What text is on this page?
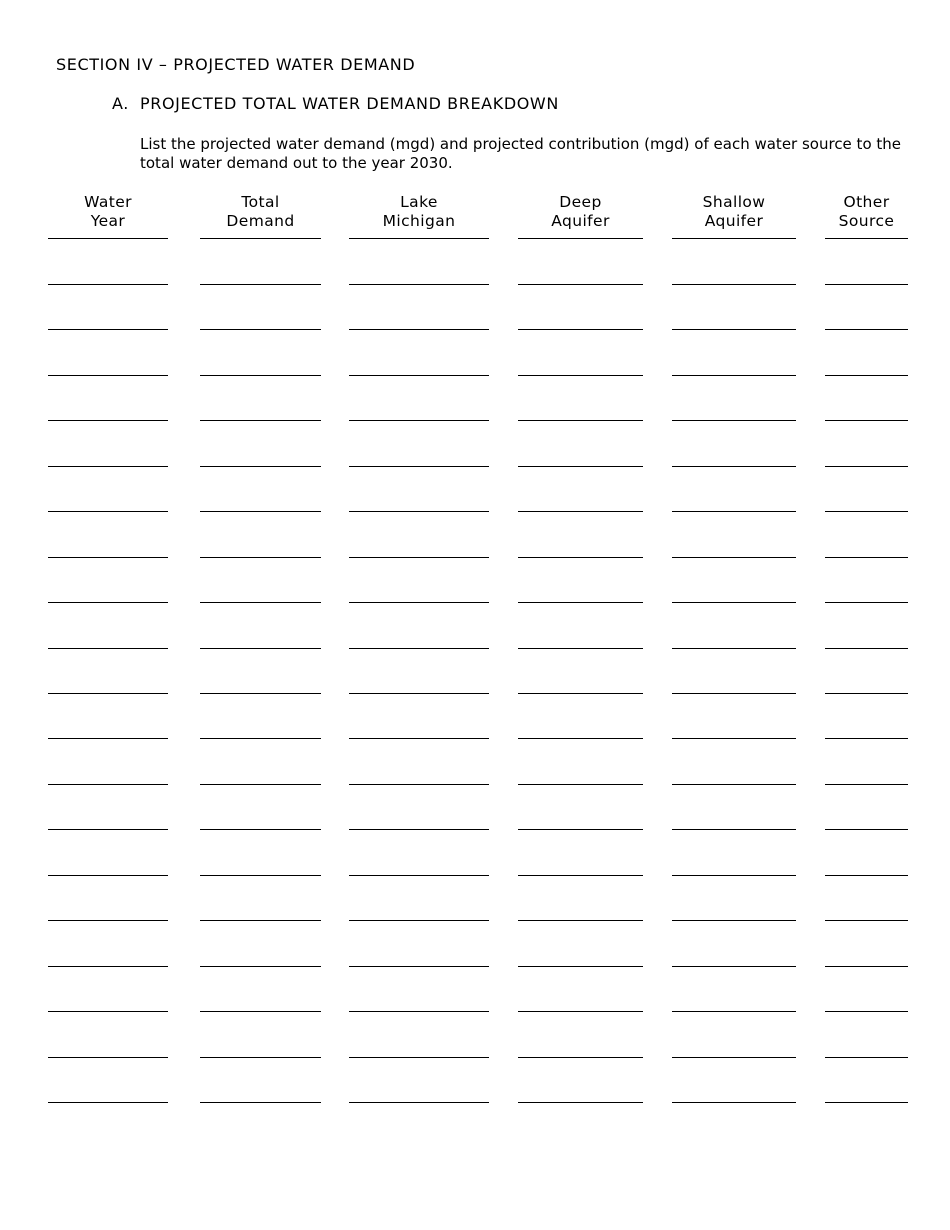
SECTION IV – PROJECTED WATER DEMAND
A. PROJECTED TOTAL WATER DEMAND BREAKDOWN
List the projected water demand (mgd) and projected contribution (mgd) of each water source to the total water demand out to the year 2030.
Water
Year
Total
Demand
Lake
Michigan
Deep
Aquifer
Shallow
Aquifer
Other
Source
